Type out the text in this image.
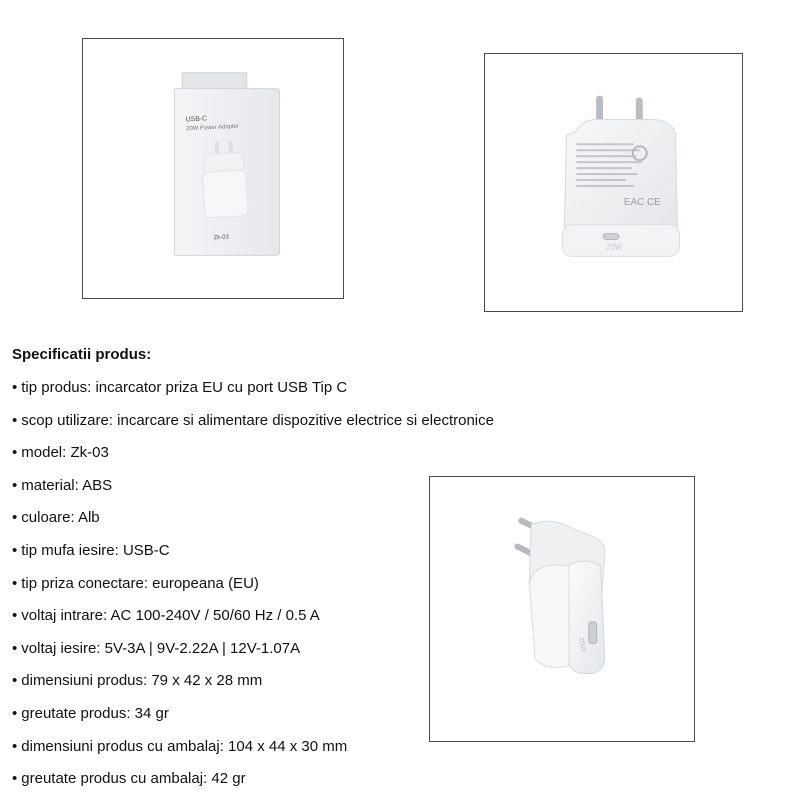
USB-C
20W Power Adapter
Zk-03
EAC CE
20W
20W
Specificatii produs:
• tip produs: incarcator priza EU cu port USB Tip C
• scop utilizare: incarcare si alimentare dispozitive electrice si electronice
• model: Zk-03
• material: ABS
• culoare: Alb
• tip mufa iesire: USB-C
• tip priza conectare: europeana (EU)
• voltaj intrare: AC 100-240V / 50/60 Hz / 0.5 A
• voltaj iesire: 5V-3A | 9V-2.22A | 12V-1.07A
• dimensiuni produs: 79 x 42 x 28 mm
• greutate produs: 34 gr
• dimensiuni produs cu ambalaj: 104 x 44 x 30 mm
• greutate produs cu ambalaj: 42 gr
